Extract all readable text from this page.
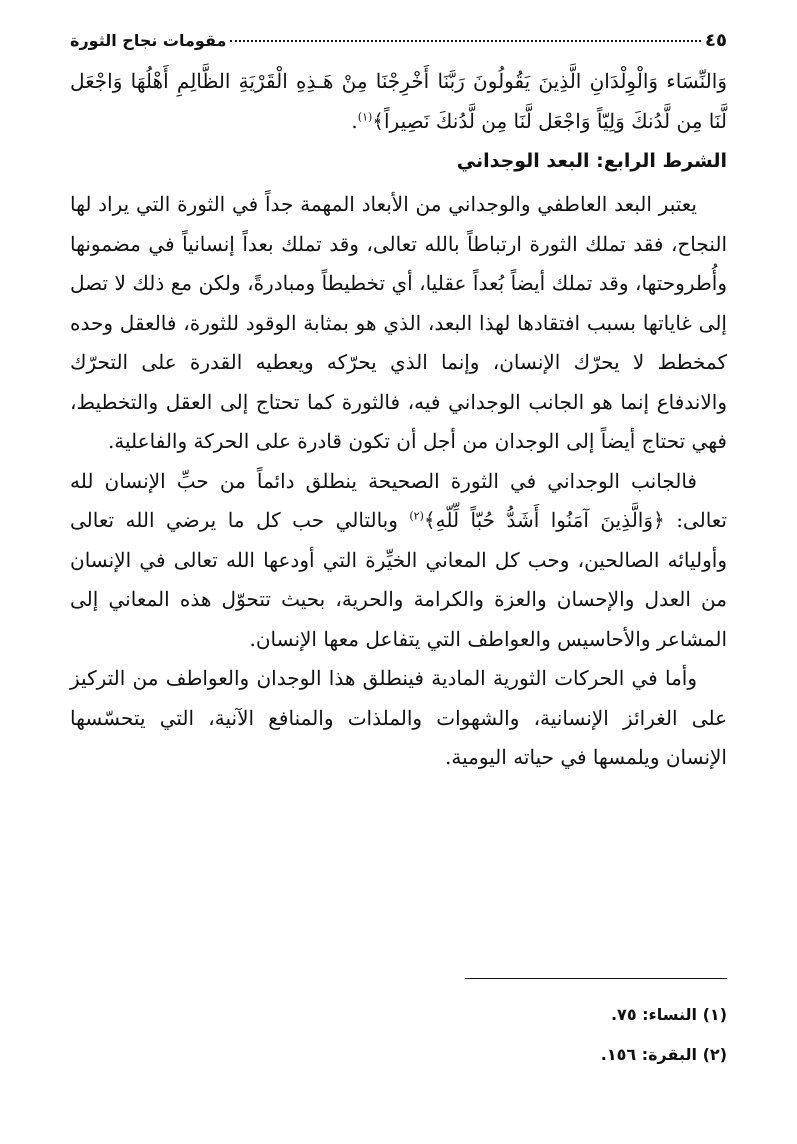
٤٥
مقومات نجاح الثورة

وَالنِّسَاء وَالْوِلْدَانِ الَّذِينَ يَقُولُونَ رَبَّنَا أَخْرِجْنَا مِنْ هَـذِهِ الْقَرْيَةِ الظَّالِمِ أَهْلُهَا وَاجْعَل لَّنَا مِن لَّدُنكَ وَلِيّاً وَاجْعَل لَّنَا مِن لَّدُنكَ نَصِيراً﴾$^{(١)}$.

الشرط الرابع: البعد الوجداني

يعتبر البعد العاطفي والوجداني من الأبعاد المهمة جداً في الثورة التي يراد لها النجاح، فقد تملك الثورة ارتباطاً بالله تعالى، وقد تملك بعداً إنسانياً في مضمونها وأُطروحتها، وقد تملك أيضاً بُعداً عقليا، أي تخطيطاً ومبادرةً، ولكن مع ذلك لا تصل إلى غاياتها بسبب افتقادها لهذا البعد، الذي هو بمثابة الوقود للثورة، فالعقل وحده كمخطط لا يحرّك الإنسان، وإنما الذي يحرّكه ويعطيه القدرة على التحرّك والاندفاع إنما هو الجانب الوجداني فيه، فالثورة كما تحتاج إلى العقل والتخطيط، فهي تحتاج أيضاً إلى الوجدان من أجل أن تكون قادرة على الحركة والفاعلية.

فالجانب الوجداني في الثورة الصحيحة ينطلق دائماً من حبِّ الإنسان لله تعالى: ﴿وَالَّذِينَ آمَنُوا أَشَدُّ حُبّاً لِّلّهِ﴾$^{(٢)}$ وبالتالي حب كل ما يرضي الله تعالى وأوليائه الصالحين، وحب كل المعاني الخيِّرة التي أودعها الله تعالى في الإنسان من العدل والإحسان والعزة والكرامة والحرية، بحيث تتحوّل هذه المعاني إلى المشاعر والأحاسيس والعواطف التي يتفاعل معها الإنسان.

وأما في الحركات الثورية المادية فينطلق هذا الوجدان والعواطف من التركيز على الغرائز الإنسانية، والشهوات والملذات والمنافع الآنية، التي يتحسّسها الإنسان ويلمسها في حياته اليومية.

(١) النساء: ٧٥.
(٢) البقرة: ١٥٦.
